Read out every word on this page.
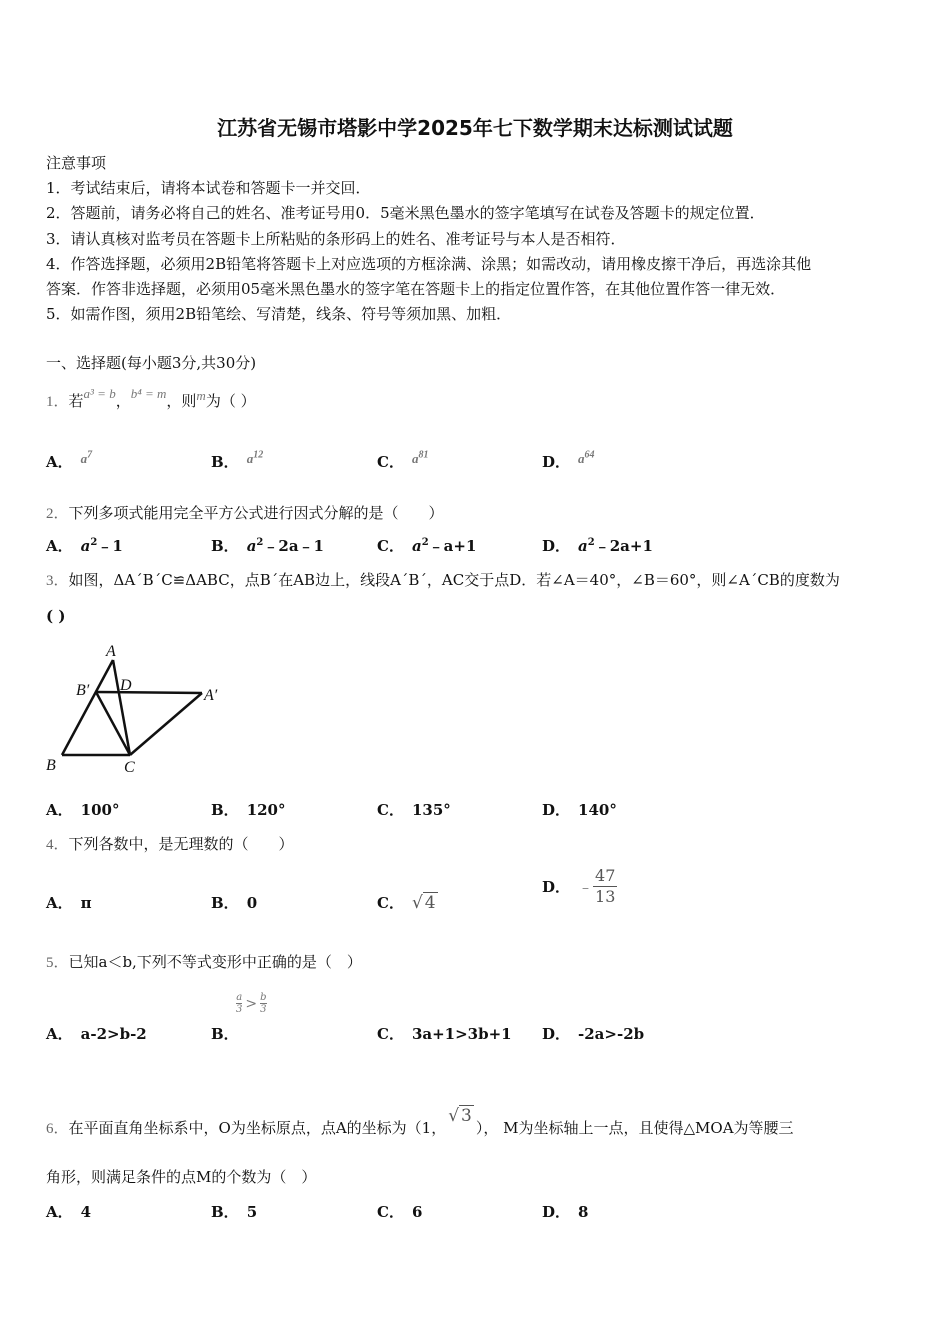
江苏省无锡市塔影中学2025年七下数学期末达标测试试题
注意事项
1．考试结束后，请将本试卷和答题卡一并交回．
2．答题前，请务必将自己的姓名、准考证号用0．5毫米黑色墨水的签字笔填写在试卷及答题卡的规定位置．
3．请认真核对监考员在答题卡上所粘贴的条形码上的姓名、准考证号与本人是否相符．
4．作答选择题，必须用2B铅笔将答题卡上对应选项的方框涂满、涂黑；如需改动，请用橡皮擦干净后，再选涂其他
答案．作答非选择题，必须用05毫米黑色墨水的签字笔在答题卡上的指定位置作答，在其他位置作答一律无效．
5．如需作图，须用2B铅笔绘、写清楚，线条、符号等须加黑、加粗．
一、选择题(每小题3分,共30分)
1．若a³ = b，b⁴ = m，则m为（ ）
A． $a^7$	B． $a^{12}$	C． $a^{81}$	D． $a^{64}$
2．下列多项式能用完全平方公式进行因式分解的是（　　）
A． $a^2﹣1$	B． $a^2﹣2a﹣1$	C． $a^2﹣a+1$	D． $a^2﹣2a+1$
3．如图，ΔA΄B΄C≌ΔABC，点B΄在AB边上，线段A΄B΄，AC交于点D．若∠A＝40°，∠B＝60°，则∠A΄CB的度数为
( )
A
B′ D
A′
B	C
A． 100°	B． 120°	C． 135°	D． 140°
4．下列各数中，是无理数的（　　）
A． π	B． 0	C． √ 4
D． ﹣ $\frac{47}{13}$
5．已知a＜b,下列不等式变形中正确的是（　）
A． a-2>b-2	B．
$\frac{a}{3} > \frac{b}{3}$
C． 3a+1>3b+1 D． -2a>-2b
6．在平面直角坐标系中，O为坐标原点，点A的坐标为（1，√ 3）， M为坐标轴上一点，且使得△MOA为等腰三
角形，则满足条件的点M的个数为（　）
A． 4	B． 5	C． 6	D． 8
